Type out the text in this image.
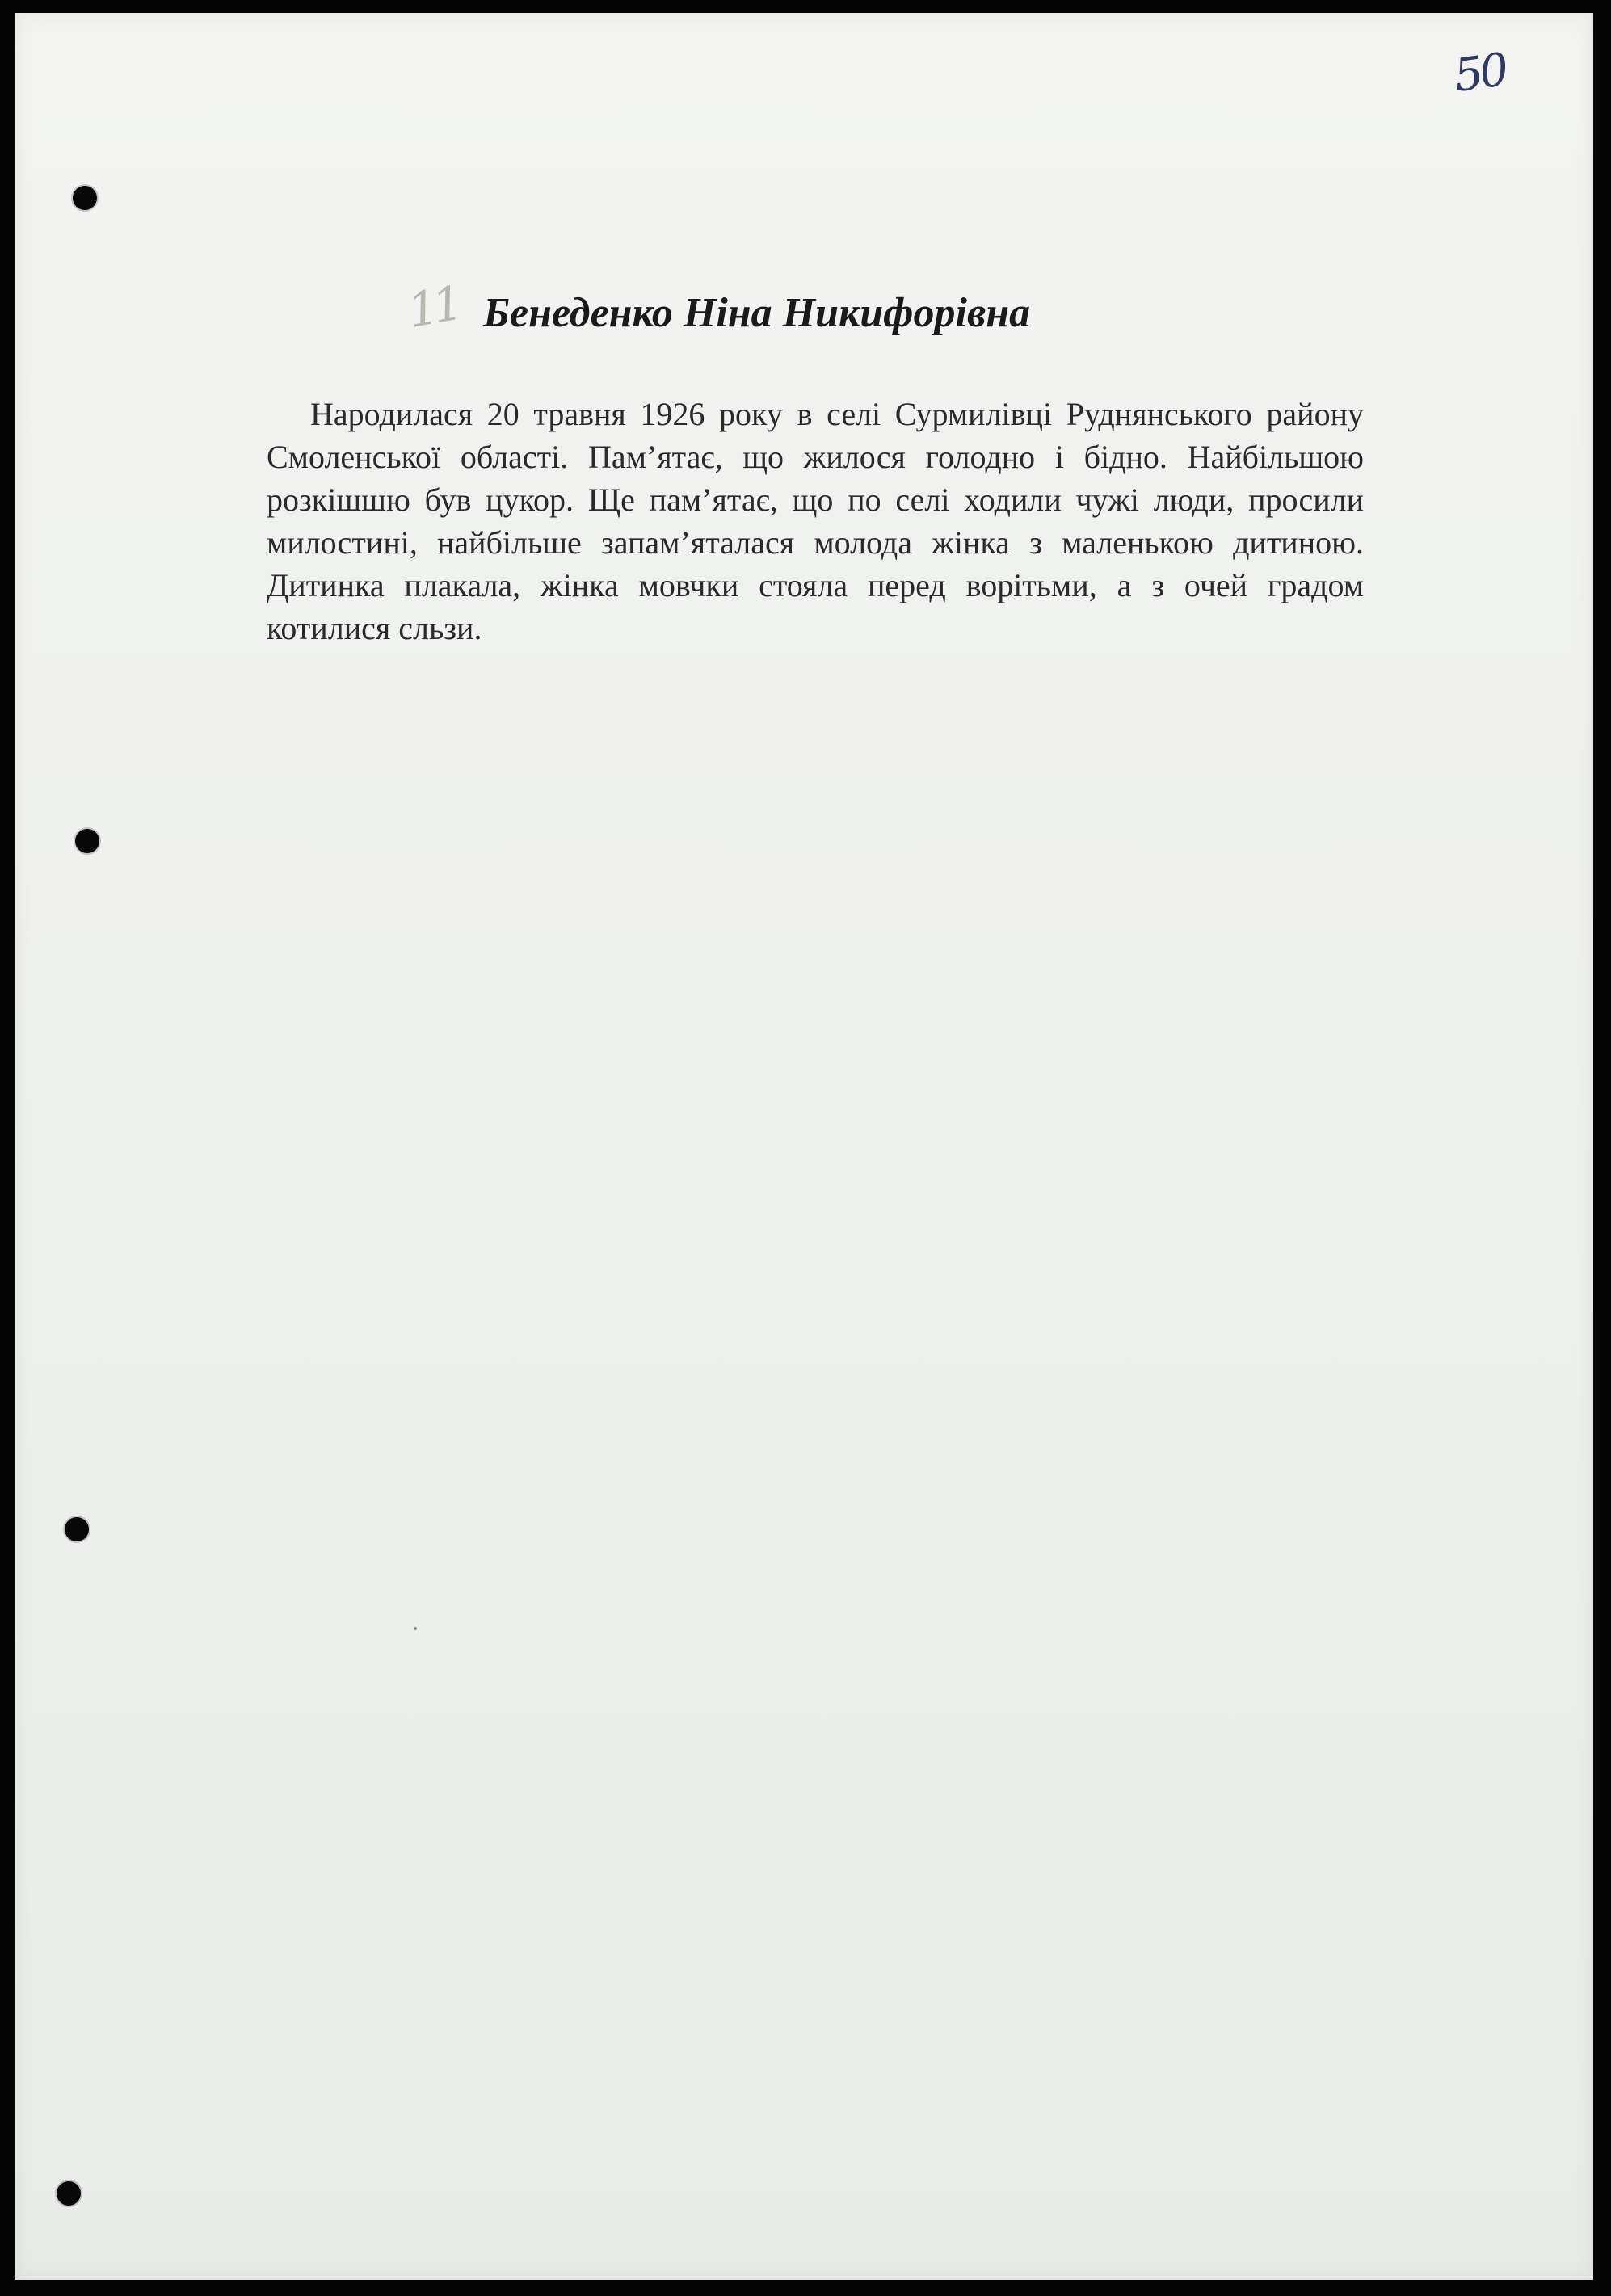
50
11 Бенеденко Ніна Никифорівна

Народилася 20 травня 1926 року в селі Сурмилівці Руднянського району Смоленської області. Пам’ятає, що жилося голодно і бідно. Найбільшою розкішшю був цукор. Ще пам’ятає, що по селі ходили чужі люди, просили милостині, найбільше запам’яталася молода жінка з маленькою дитиною. Дитинка плакала, жінка мовчки стояла перед ворітьми, а з очей градом котилися сльзи.
